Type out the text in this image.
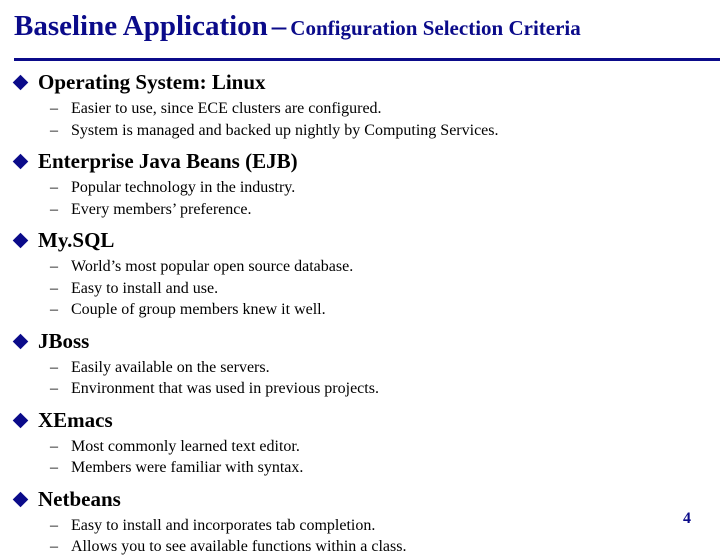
Baseline Application – Configuration Selection Criteria
Operating System: Linux
– Easier to use, since ECE clusters are configured.
– System is managed and backed up nightly by Computing Services.
Enterprise Java Beans (EJB)
– Popular technology in the industry.
– Every members’ preference.
My.SQL
– World’s most popular open source database.
– Easy to install and use.
– Couple of group members knew it well.
JBoss
– Easily available on the servers.
– Environment that was used in previous projects.
XEmacs
– Most commonly learned text editor.
– Members were familiar with syntax.
Netbeans
– Easy to install and incorporates tab completion.
– Allows you to see available functions within a class.
4
